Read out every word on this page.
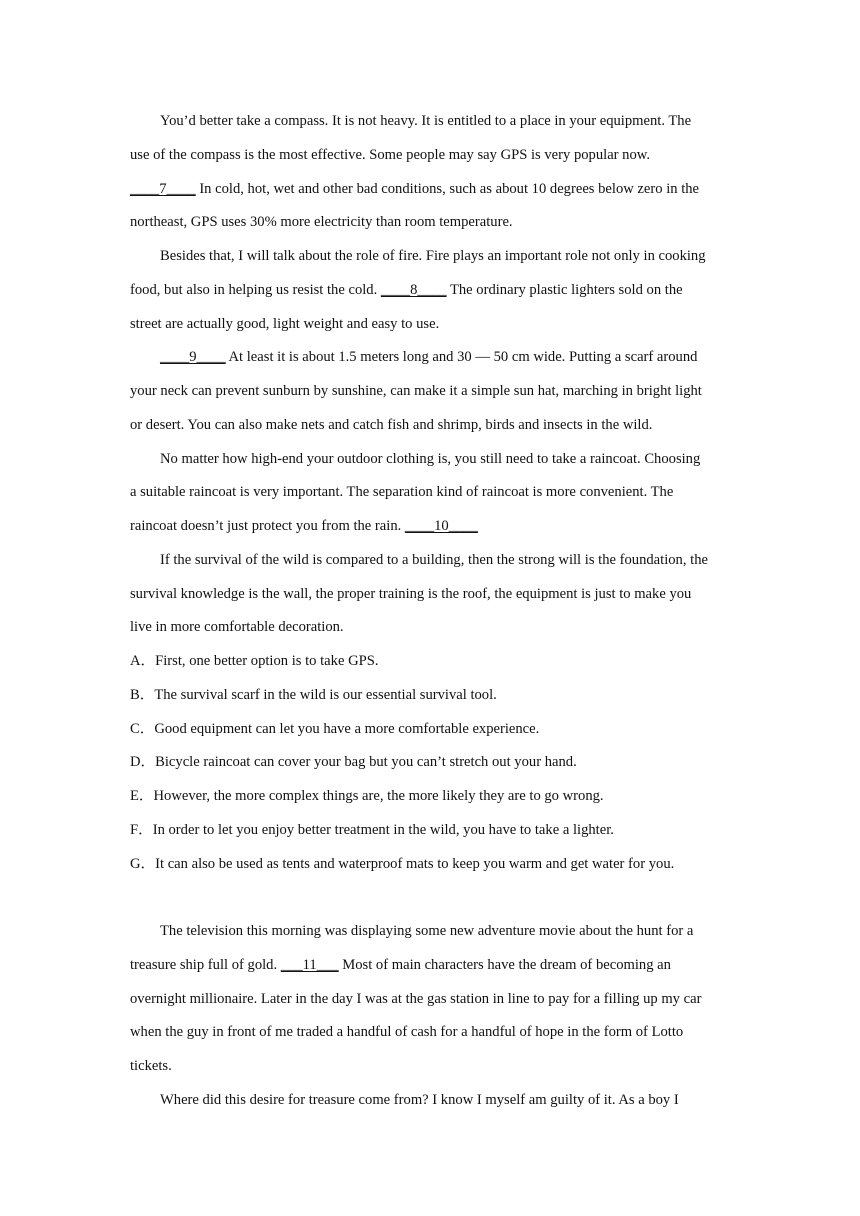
You’d better take a compass. It is not heavy. It is entitled to a place in your equipment. The
use of the compass is the most effective. Some people may say GPS is very popular now.
____7____ In cold, hot, wet and other bad conditions, such as about 10 degrees below zero in the
northeast, GPS uses 30% more electricity than room temperature.
Besides that, I will talk about the role of fire. Fire plays an important role not only in cooking
food, but also in helping us resist the cold. ____8____ The ordinary plastic lighters sold on the
street are actually good, light weight and easy to use.
____9____ At least it is about 1.5 meters long and 30 — 50 cm wide. Putting a scarf around
your neck can prevent sunburn by sunshine, can make it a simple sun hat, marching in bright light
or desert. You can also make nets and catch fish and shrimp, birds and insects in the wild.
No matter how high-end your outdoor clothing is, you still need to take a raincoat. Choosing
a suitable raincoat is very important. The separation kind of raincoat is more convenient. The
raincoat doesn’t just protect you from the rain. ____10____
If the survival of the wild is compared to a building, then the strong will is the foundation, the
survival knowledge is the wall, the proper training is the roof, the equipment is just to make you
live in more comfortable decoration.
A．First, one better option is to take GPS.
B．The survival scarf in the wild is our essential survival tool.
C．Good equipment can let you have a more comfortable experience.
D．Bicycle raincoat can cover your bag but you can’t stretch out your hand.
E．However, the more complex things are, the more likely they are to go wrong.
F．In order to let you enjoy better treatment in the wild, you have to take a lighter.
G．It can also be used as tents and waterproof mats to keep you warm and get water for you.
The television this morning was displaying some new adventure movie about the hunt for a
treasure ship full of gold. ___11___ Most of main characters have the dream of becoming an
overnight millionaire. Later in the day I was at the gas station in line to pay for a filling up my car
when the guy in front of me traded a handful of cash for a handful of hope in the form of Lotto
tickets.
Where did this desire for treasure come from? I know I myself am guilty of it. As a boy I
